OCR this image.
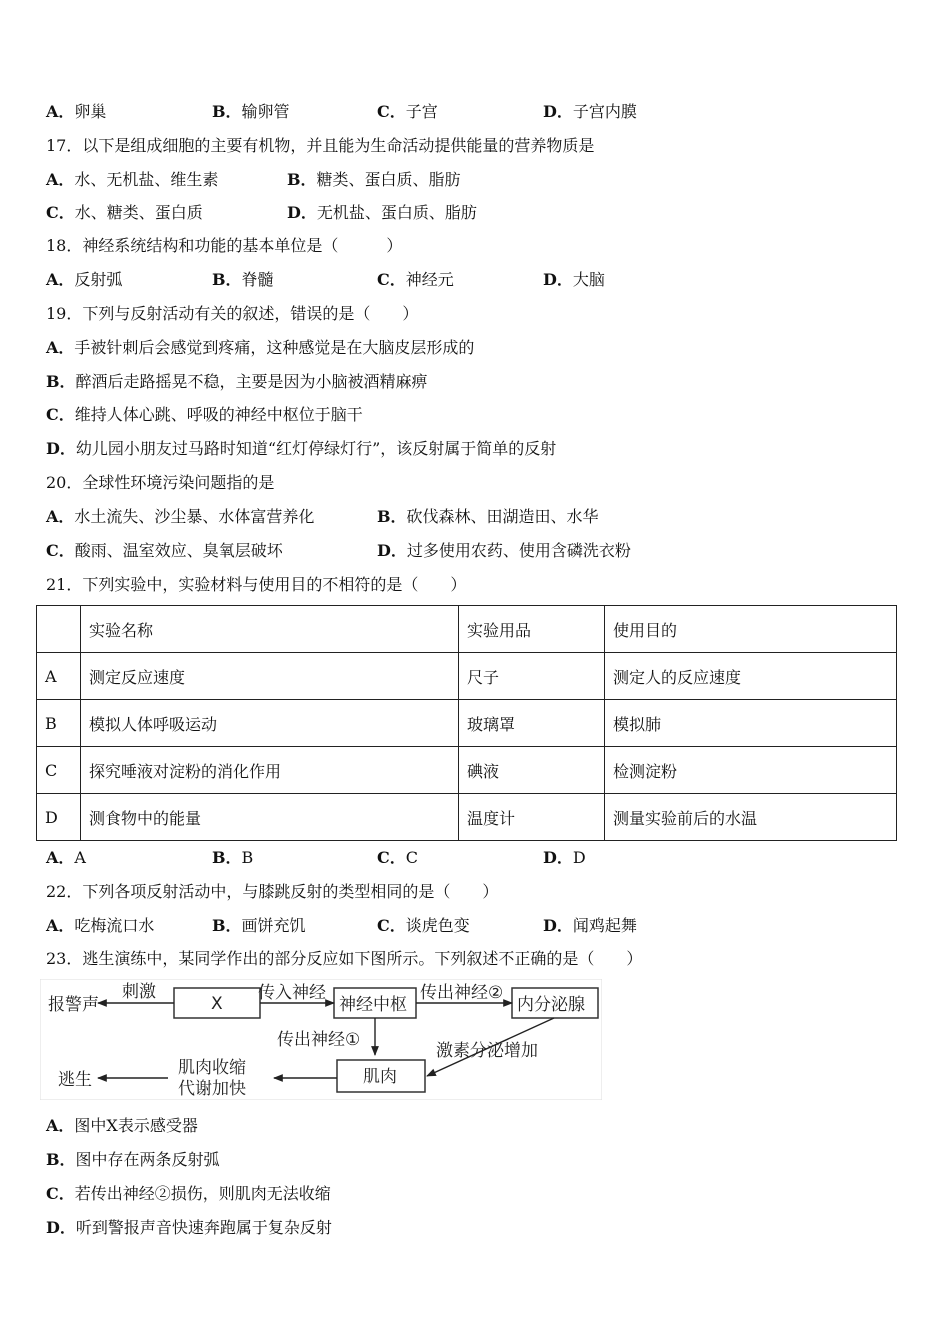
A．卵巢	B．输卵管	C．子宫	D．子宫内膜
17．以下是组成细胞的主要有机物，并且能为生命活动提供能量的营养物质是
A．水、无机盐、维生素	B．糖类、蛋白质、脂肪
C．水、糖类、蛋白质	D．无机盐、蛋白质、脂肪
18．神经系统结构和功能的基本单位是（　　　）
A．反射弧	B．脊髓	C．神经元	D．大脑
19．下列与反射活动有关的叙述，错误的是（　　）
A．手被针刺后会感觉到疼痛，这种感觉是在大脑皮层形成的
B．醉酒后走路摇晃不稳，主要是因为小脑被酒精麻痹
C．维持人体心跳、呼吸的神经中枢位于脑干
D．幼儿园小朋友过马路时知道“红灯停绿灯行”，该反射属于简单的反射
20．全球性环境污染问题指的是
A．水土流失、沙尘暴、水体富营养化	B．砍伐森林、田湖造田、水华
C．酸雨、温室效应、臭氧层破坏	D．过多使用农药、使用含磷洗衣粉
21．下列实验中，实验材料与使用目的不相符的是（　　）
	实验名称	实验用品	使用目的
A	测定反应速度	尺子	测定人的反应速度
B	模拟人体呼吸运动	玻璃罩	模拟肺
C	探究唾液对淀粉的消化作用	碘液	检测淀粉
D	测食物中的能量	温度计	测量实验前后的水温
A．A	B．B	C．C	D．D
22．下列各项反射活动中，与膝跳反射的类型相同的是（　　）
A．吃梅流口水	B．画饼充饥	C．谈虎色变	D．闻鸡起舞
23．逃生演练中，某同学作出的部分反应如下图所示。下列叙述不正确的是（　　）
报警声
刺激
X
传入神经
神经中枢
传出神经②
内分泌腺
传出神经①
激素分泌增加
肌肉
肌肉收缩
代谢加快
逃生
A．图中X表示感受器
B．图中存在两条反射弧
C．若传出神经②损伤，则肌肉无法收缩
D．听到警报声音快速奔跑属于复杂反射
